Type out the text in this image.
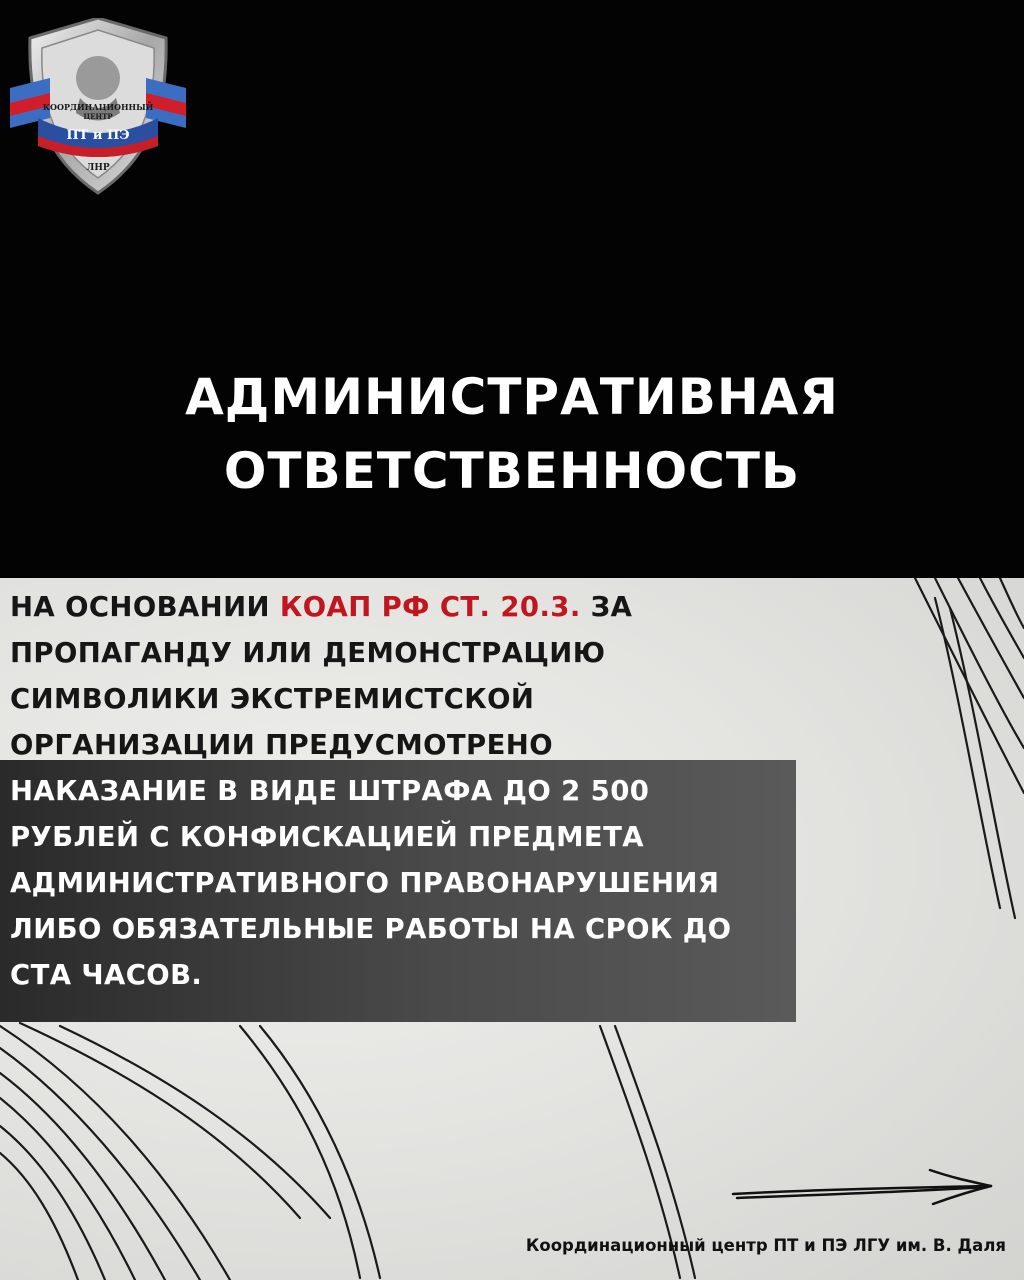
КООРДИНАЦИОННЫЙ
ЦЕНТР
ПТ и ПЭ
ЛНР
АДМИНИСТРАТИВНАЯ
ОТВЕТСТВЕННОСТЬ
НА ОСНОВАНИИ КОАП РФ СТ. 20.3. ЗА
ПРОПАГАНДУ ИЛИ ДЕМОНСТРАЦИЮ
СИМВОЛИКИ ЭКСТРЕМИСТСКОЙ
ОРГАНИЗАЦИИ ПРЕДУСМОТРЕНО
НАКАЗАНИЕ В ВИДЕ ШТРАФА ДО 2 500
РУБЛЕЙ С КОНФИСКАЦИЕЙ ПРЕДМЕТА
АДМИНИСТРАТИВНОГО ПРАВОНАРУШЕНИЯ
ЛИБО ОБЯЗАТЕЛЬНЫЕ РАБОТЫ НА СРОК ДО
СТА ЧАСОВ.
Координационный центр ПТ и ПЭ ЛГУ им. В. Даля
